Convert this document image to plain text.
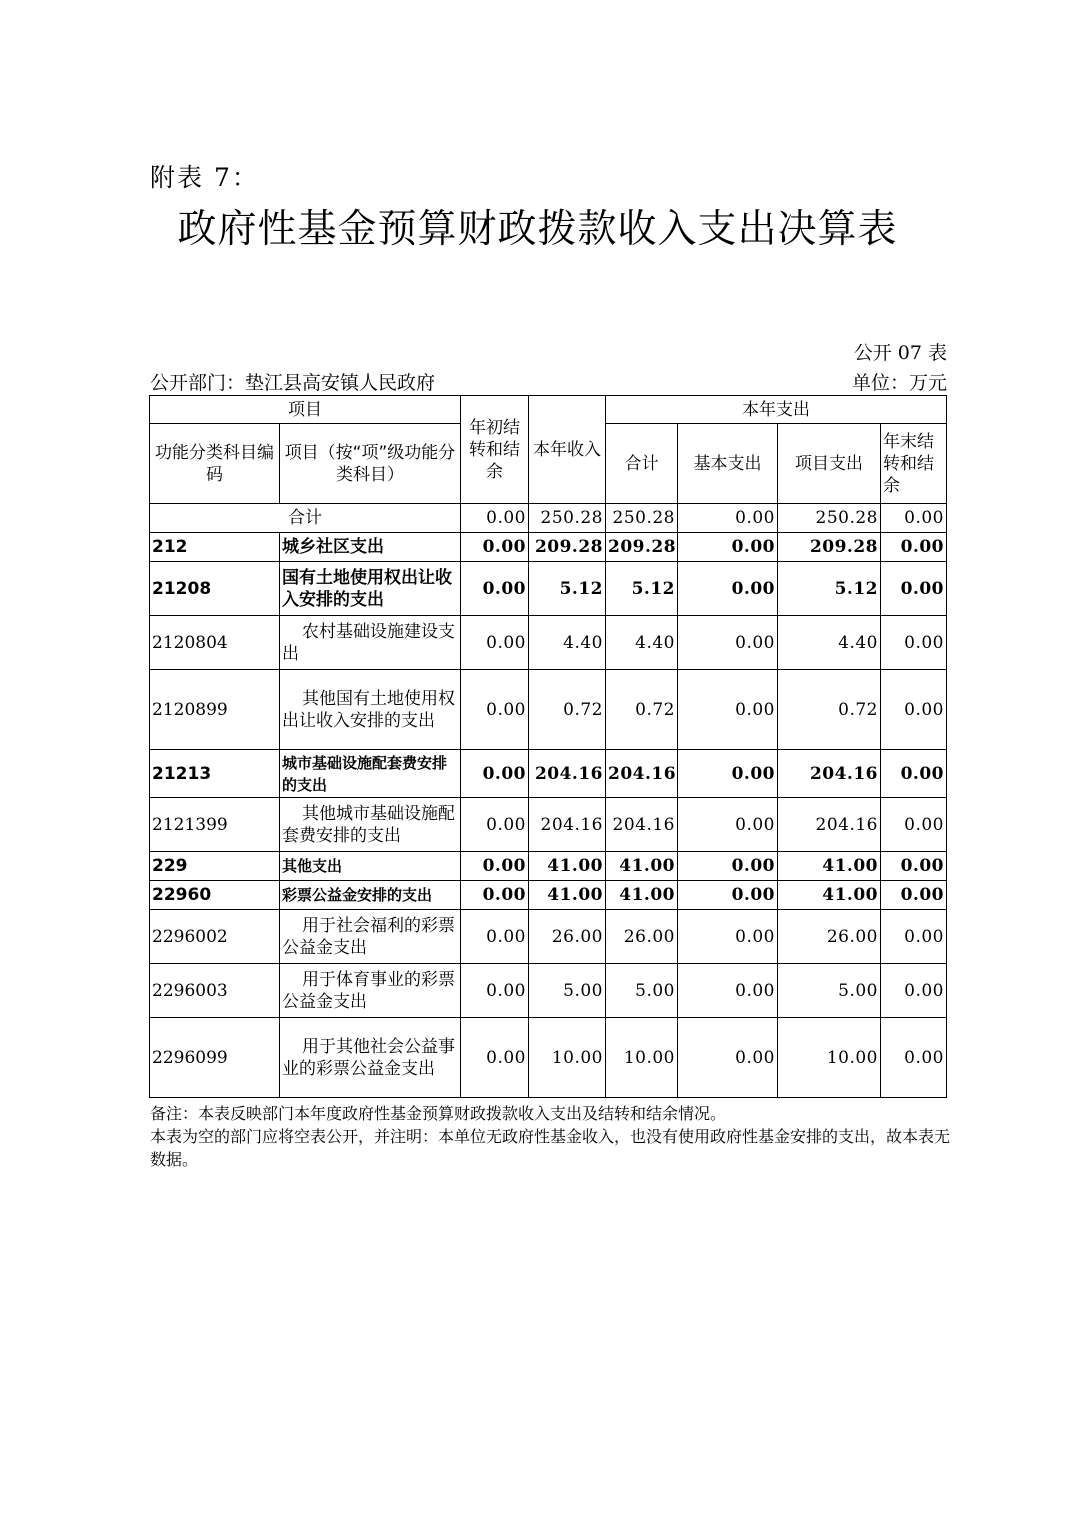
附表 7：
政府性基金预算财政拨款收入支出决算表
公开 07 表
公开部门：垫江县高安镇人民政府	单位：万元
项目		年初结转和结余	本年收入	本年支出			
功能分类科目编码	项目（按“项”级功能分类科目）			合计	基本支出	项目支出	年末结转和结余
合计		0.00	250.28	250.28	0.00	250.28	0.00
212	城乡社区支出	0.00	209.28	209.28	0.00	209.28	0.00
21208	国有土地使用权出让收入安排的支出	0.00	5.12	5.12	0.00	5.12	0.00
2120804	农村基础设施建设支出	0.00	4.40	4.40	0.00	4.40	0.00
2120899	其他国有土地使用权出让收入安排的支出	0.00	0.72	0.72	0.00	0.72	0.00
21213	城市基础设施配套费安排的支出	0.00	204.16	204.16	0.00	204.16	0.00
2121399	其他城市基础设施配套费安排的支出	0.00	204.16	204.16	0.00	204.16	0.00
229	其他支出	0.00	41.00	41.00	0.00	41.00	0.00
22960	彩票公益金安排的支出	0.00	41.00	41.00	0.00	41.00	0.00
2296002	用于社会福利的彩票公益金支出	0.00	26.00	26.00	0.00	26.00	0.00
2296003	用于体育事业的彩票公益金支出	0.00	5.00	5.00	0.00	5.00	0.00
2296099	用于其他社会公益事业的彩票公益金支出	0.00	10.00	10.00	0.00	10.00	0.00

备注：本表反映部门本年度政府性基金预算财政拨款收入支出及结转和结余情况。

本表为空的部门应将空表公开，并注明：本单位无政府性基金收入，也没有使用政府性基金安排的支出，故本表无数据。
